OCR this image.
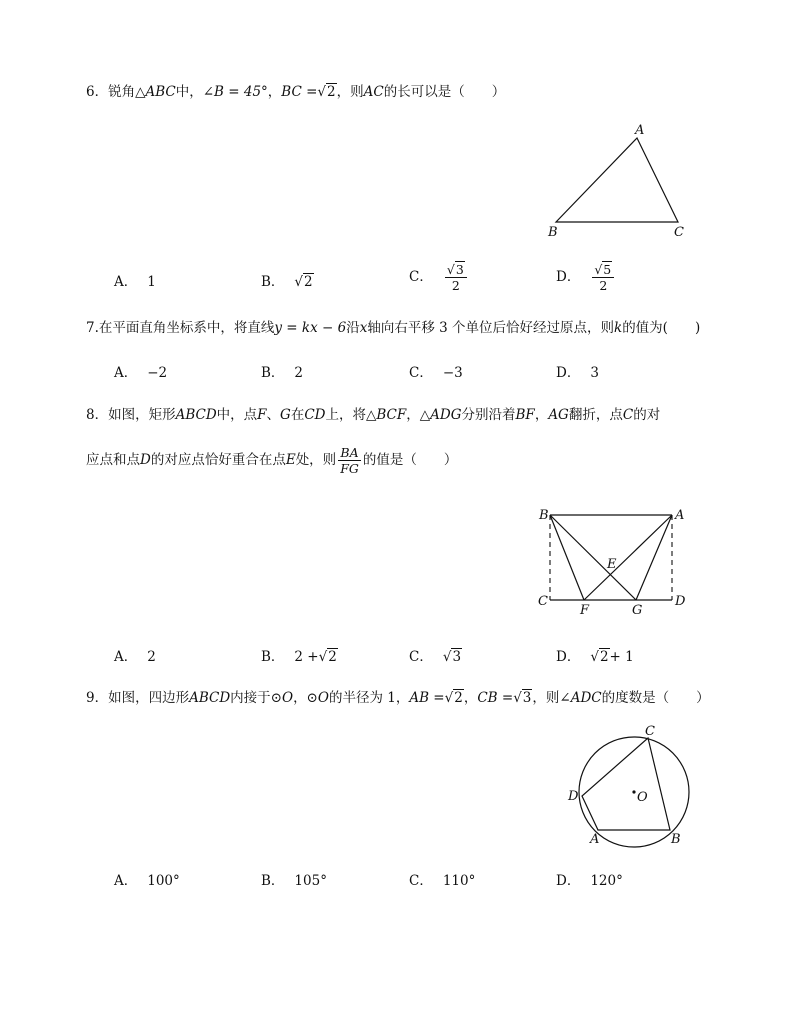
6．锐角△ABC中，∠B = 45°，BC =√2，则AC的长可以是（　　）
A
B	C
A． 1	B． √2	C． $\frac{√3}{2}$	D． $\frac{√5}{2}$
7.在平面直角坐标系中，将直线y = kx − 6沿x轴向右平移 3 个单位后恰好经过原点，则k的值为(　　)
A． −2	B． 2	C． −3	D． 3
8．如图，矩形ABCD中，点F、G在CD上，将△BCF，△ADG分别沿着BF，AG翻折，点C的对
应点和点D的对应点恰好重合在点E处，则 $\frac{BA}{FG}$ 的值是（　　）
B	A
E
C	D
F	G
A． 2	B． 2 +√2	C． √3	D． √2+ 1
9．如图，四边形ABCD内接于⊙O，⊙O的半径为 1，AB =√2，CB =√3，则∠ADC的度数是（　　）
C
D	O
A	B
A． 100°	B． 105°	C． 110°	D． 120°
